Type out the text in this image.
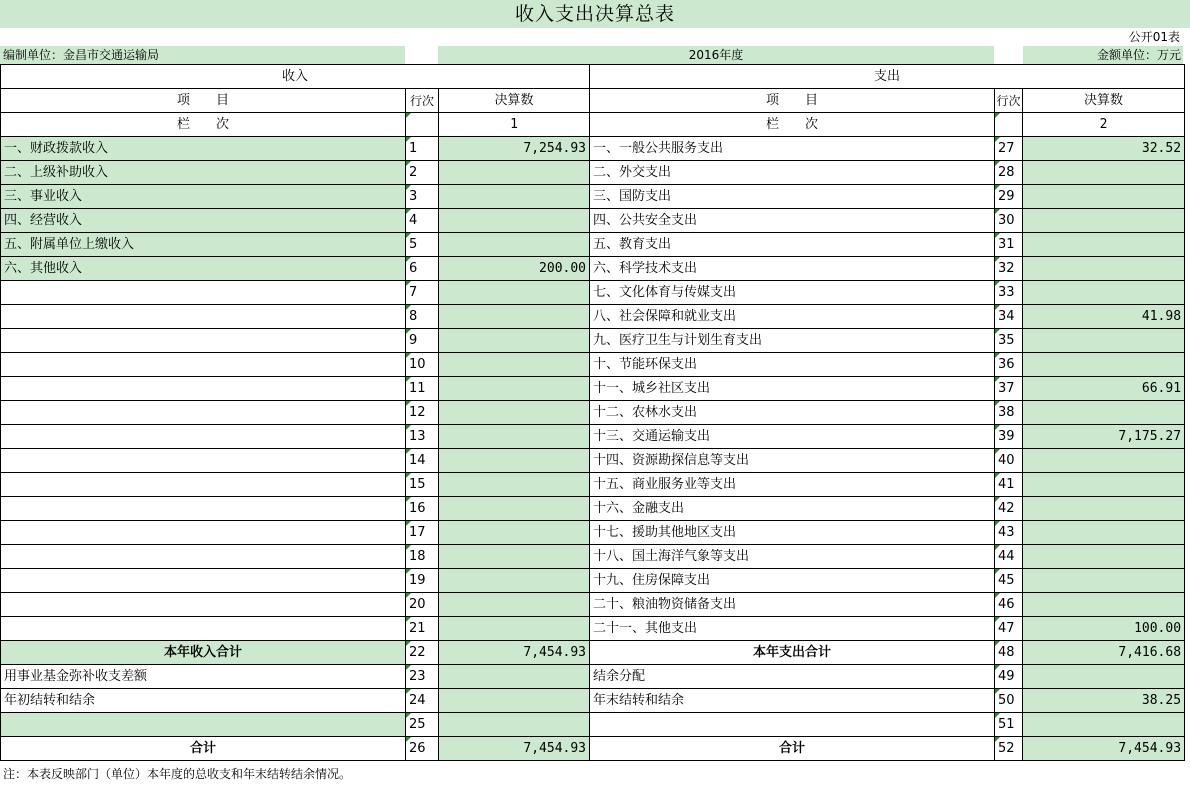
收入支出决算总表
公开01表
编制单位：金昌市交通运输局	2016年度	金额单位：万元
收入			支出		
项　　目	行次	决算数	项　　目	行次	决算数
栏　　次		1	栏　　次		2
一、财政拨款收入	1	7,254.93	一、一般公共服务支出	27	32.52
二、上级补助收入	2		二、外交支出	28	
三、事业收入	3		三、国防支出	29	
四、经营收入	4		四、公共安全支出	30	
五、附属单位上缴收入	5		五、教育支出	31	
六、其他收入	6	200.00	六、科学技术支出	32	
	7		七、文化体育与传媒支出	33	
	8		八、社会保障和就业支出	34	41.98
	9		九、医疗卫生与计划生育支出	35	
	10		十、节能环保支出	36	
	11		十一、城乡社区支出	37	66.91
	12		十二、农林水支出	38	
	13		十三、交通运输支出	39	7,175.27
	14		十四、资源勘探信息等支出	40	
	15		十五、商业服务业等支出	41	
	16		十六、金融支出	42	
	17		十七、援助其他地区支出	43	
	18		十八、国土海洋气象等支出	44	
	19		十九、住房保障支出	45	
	20		二十、粮油物资储备支出	46	
	21		二十一、其他支出	47	100.00
本年收入合计	22	7,454.93	本年支出合计	48	7,416.68
用事业基金弥补收支差额	23		结余分配	49	
年初结转和结余	24		年末结转和结余	50	38.25
	25			51	
合计	26	7,454.93	合计	52	7,454.93
注：本表反映部门（单位）本年度的总收支和年末结转结余情况。
